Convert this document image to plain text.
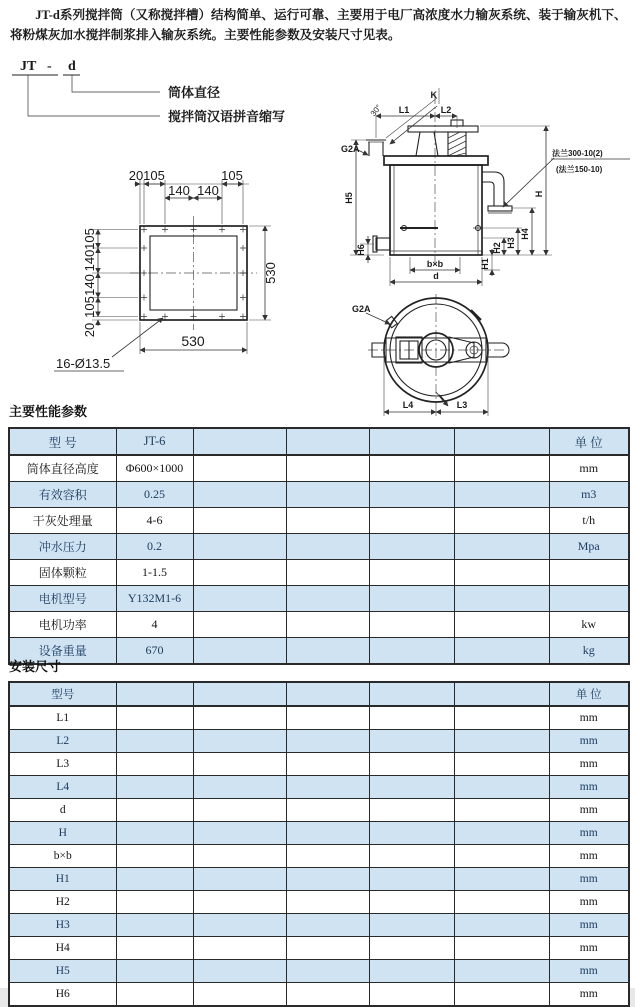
JT-d系列搅拌筒（又称搅拌槽）结构简单、运行可靠、主要用于电厂高浓度水力输灰系统、装于输灰机下、将粉煤灰加水搅拌制浆排入输灰系统。主要性能参数及安装尺寸见表。
JT - d
筒体直径
搅拌筒汉语拼音缩写
20 105	105
140 140
105
140
140
105
20
530
530
16-Ø13.5
K
30° L1	L2
G2A	法兰300-10(2)
(法兰150-10)
H5
H6
b×b
d
H
H4
H3
H2
H1
G2A
L4	L3
主要性能参数
型 号	JT-6					单 位
筒体直径高度	Φ600×1000					mm
有效容积	0.25					m3
干灰处理量	4-6					t/h
冲水压力	0.2					Mpa
固体颗粒	1-1.5					
电机型号	Y132M1-6					
电机功率	4					kw
设备重量	670					kg
安装尺寸
型号						单 位
L1						mm
L2						mm
L3						mm
L4						mm
d						mm
H						mm
b×b						mm
H1						mm
H2						mm
H3						mm
H4						mm
H5						mm
H6						mm
